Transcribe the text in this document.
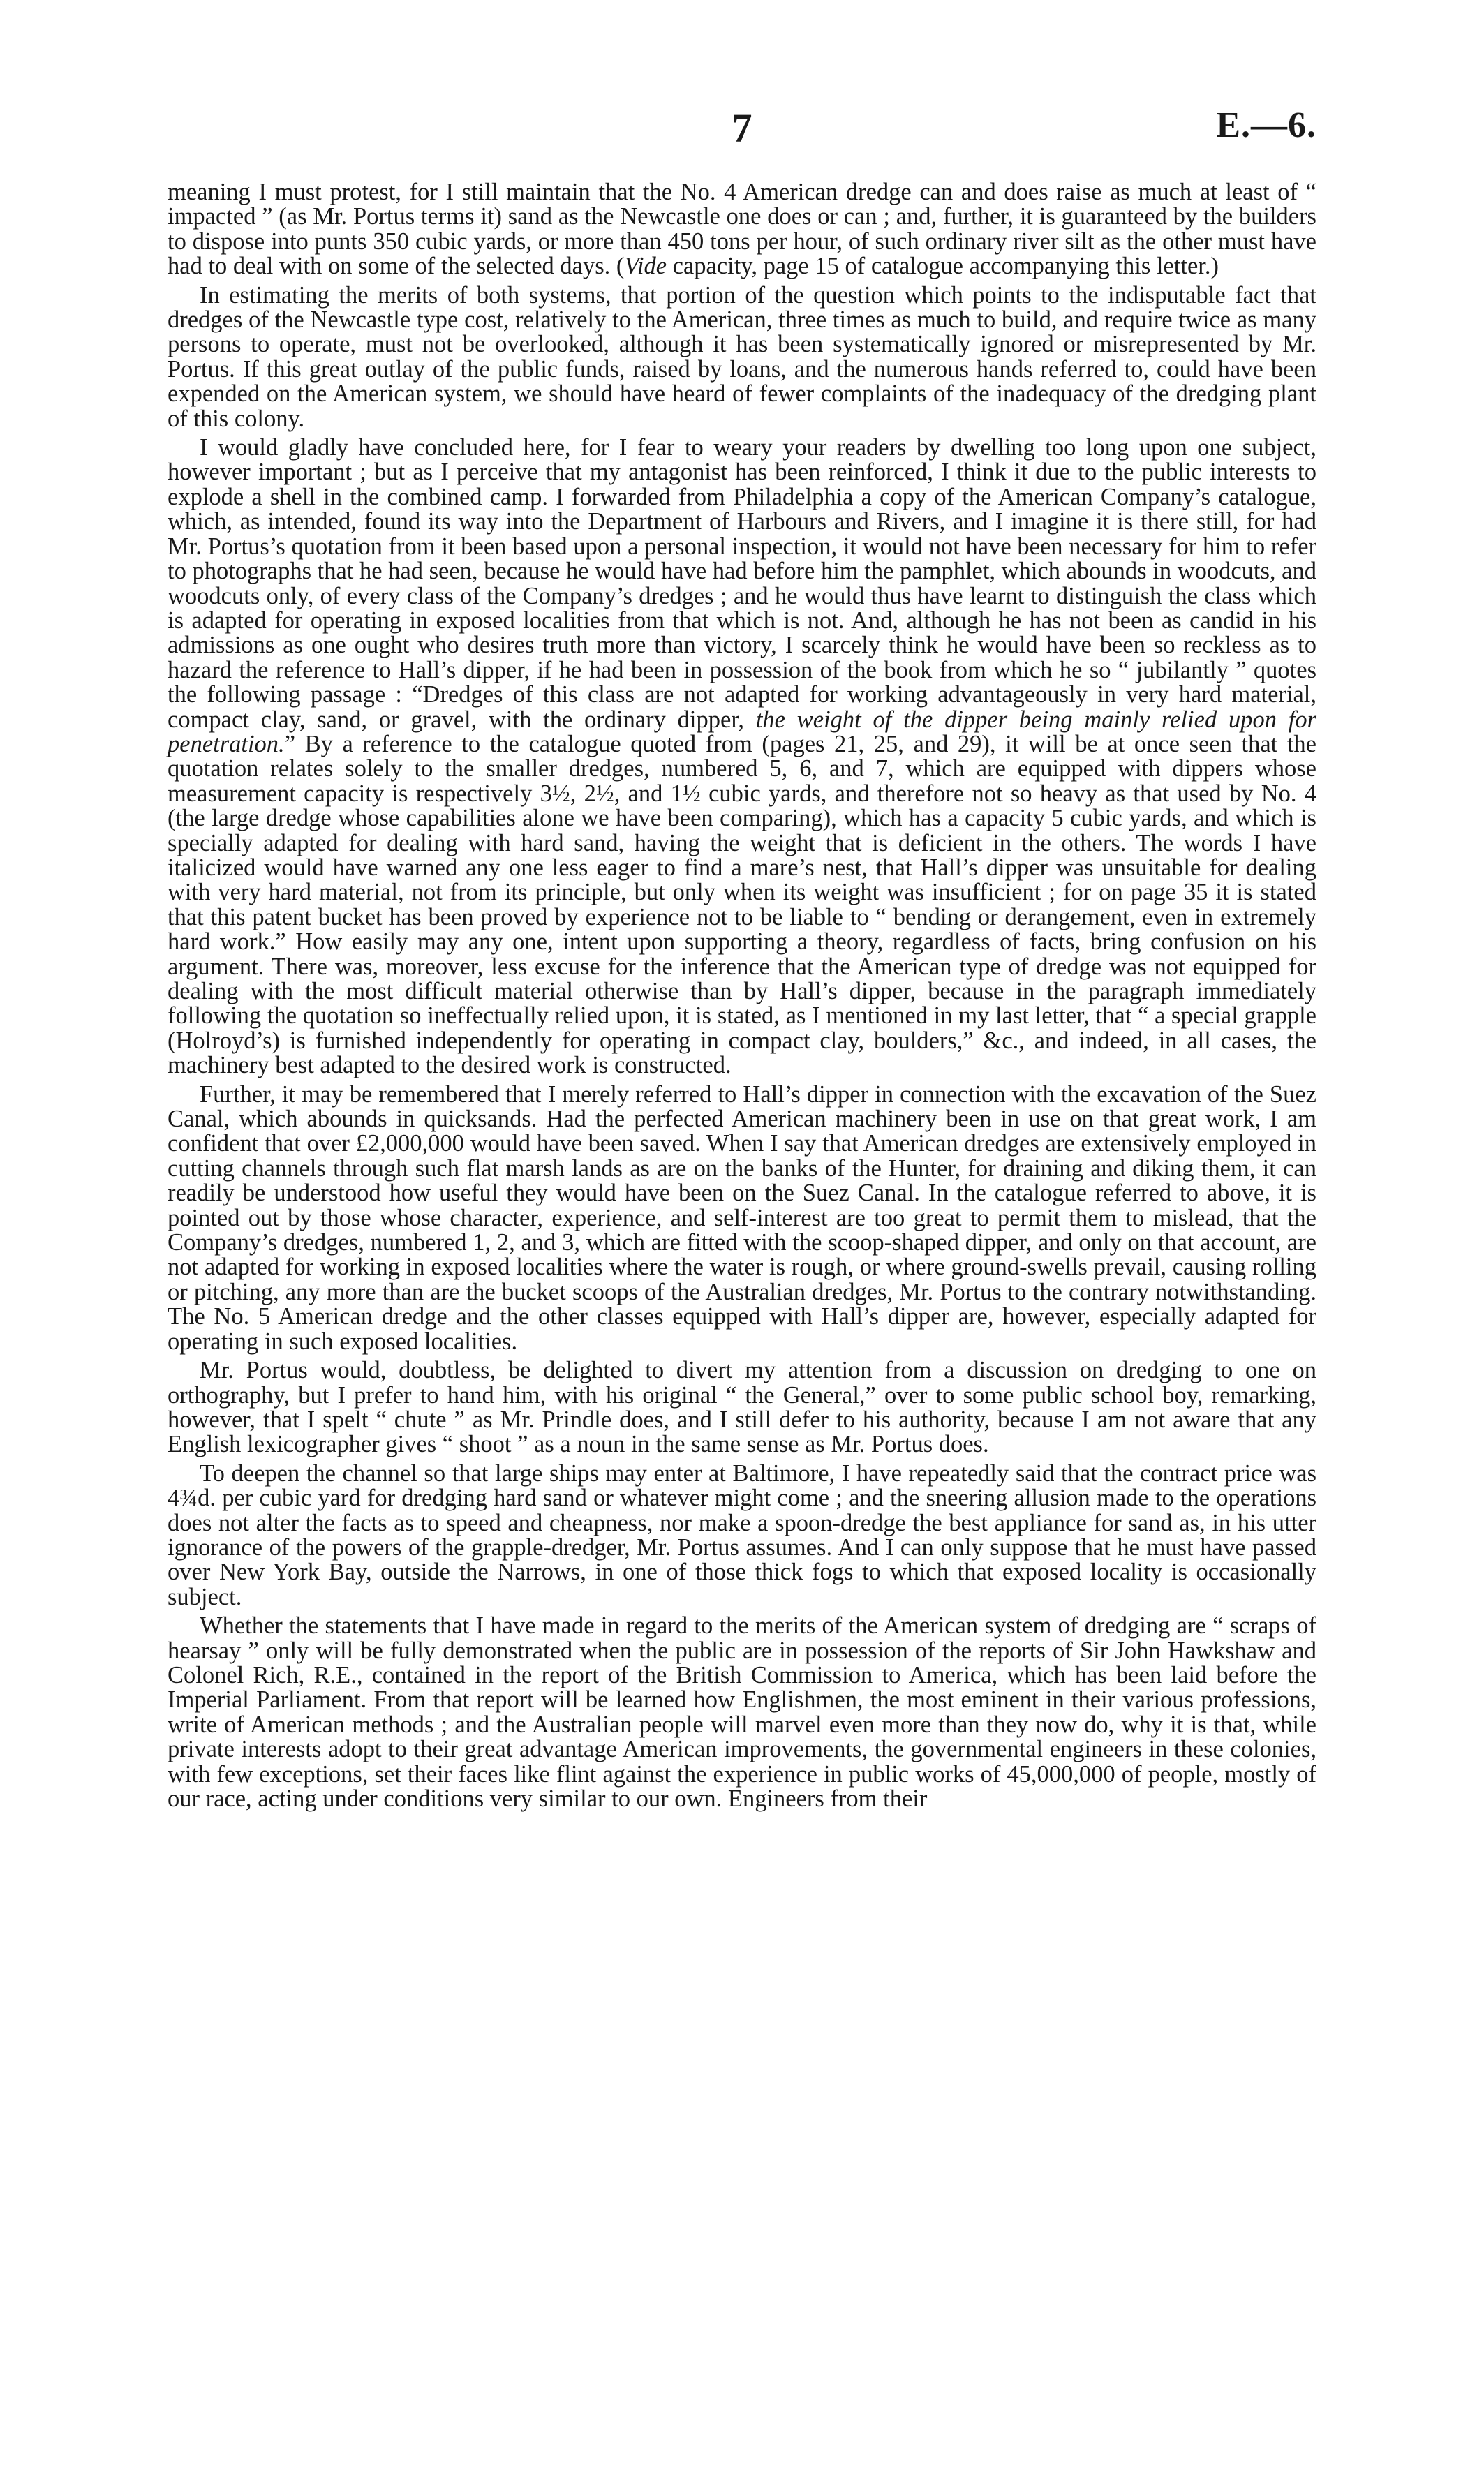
7	E.—6.

meaning I must protest, for I still maintain that the No. 4 American dredge can and does raise as much at least of “ impacted ” (as Mr. Portus terms it) sand as the Newcastle one does or can ; and, further, it is guaranteed by the builders to dispose into punts 350 cubic yards, or more than 450 tons per hour, of such ordinary river silt as the other must have had to deal with on some of the selected days. (Vide capacity, page 15 of catalogue accompanying this letter.)

In estimating the merits of both systems, that portion of the question which points to the indisputable fact that dredges of the Newcastle type cost, relatively to the American, three times as much to build, and require twice as many persons to operate, must not be overlooked, although it has been systematically ignored or misrepresented by Mr. Portus. If this great outlay of the public funds, raised by loans, and the numerous hands referred to, could have been expended on the American system, we should have heard of fewer complaints of the inadequacy of the dredging plant of this colony.

I would gladly have concluded here, for I fear to weary your readers by dwelling too long upon one subject, however important ; but as I perceive that my antagonist has been reinforced, I think it due to the public interests to explode a shell in the combined camp. I forwarded from Philadelphia a copy of the American Company’s catalogue, which, as intended, found its way into the Department of Harbours and Rivers, and I imagine it is there still, for had Mr. Portus’s quotation from it been based upon a personal inspection, it would not have been necessary for him to refer to photographs that he had seen, because he would have had before him the pamphlet, which abounds in woodcuts, and woodcuts only, of every class of the Company’s dredges ; and he would thus have learnt to distinguish the class which is adapted for operating in exposed localities from that which is not. And, although he has not been as candid in his admissions as one ought who desires truth more than victory, I scarcely think he would have been so reckless as to hazard the reference to Hall’s dipper, if he had been in possession of the book from which he so “ jubilantly ” quotes the following passage : “Dredges of this class are not adapted for working advantageously in very hard material, compact clay, sand, or gravel, with the ordinary dipper, the weight of the dipper being mainly relied upon for penetration.” By a reference to the catalogue quoted from (pages 21, 25, and 29), it will be at once seen that the quotation relates solely to the smaller dredges, numbered 5, 6, and 7, which are equipped with dippers whose measurement capacity is respectively 3½, 2½, and 1½ cubic yards, and therefore not so heavy as that used by No. 4 (the large dredge whose capabilities alone we have been comparing), which has a capacity 5 cubic yards, and which is specially adapted for dealing with hard sand, having the weight that is deficient in the others. The words I have italicized would have warned any one less eager to find a mare’s nest, that Hall’s dipper was unsuitable for dealing with very hard material, not from its principle, but only when its weight was insufficient ; for on page 35 it is stated that this patent bucket has been proved by experience not to be liable to “ bending or derangement, even in extremely hard work.” How easily may any one, intent upon supporting a theory, regardless of facts, bring confusion on his argument. There was, moreover, less excuse for the inference that the American type of dredge was not equipped for dealing with the most difficult material otherwise than by Hall’s dipper, because in the paragraph immediately following the quotation so ineffectually relied upon, it is stated, as I mentioned in my last letter, that “ a special grapple (Holroyd’s) is furnished independently for operating in compact clay, boulders,” &c., and indeed, in all cases, the machinery best adapted to the desired work is constructed.

Further, it may be remembered that I merely referred to Hall’s dipper in connection with the excavation of the Suez Canal, which abounds in quicksands. Had the perfected American machinery been in use on that great work, I am confident that over £2,000,000 would have been saved. When I say that American dredges are extensively employed in cutting channels through such flat marsh lands as are on the banks of the Hunter, for draining and diking them, it can readily be understood how useful they would have been on the Suez Canal. In the catalogue referred to above, it is pointed out by those whose character, experience, and self-interest are too great to permit them to mislead, that the Company’s dredges, numbered 1, 2, and 3, which are fitted with the scoop-shaped dipper, and only on that account, are not adapted for working in exposed localities where the water is rough, or where ground-swells prevail, causing rolling or pitching, any more than are the bucket scoops of the Australian dredges, Mr. Portus to the contrary notwithstanding. The No. 5 American dredge and the other classes equipped with Hall’s dipper are, however, especially adapted for operating in such exposed localities.

Mr. Portus would, doubtless, be delighted to divert my attention from a discussion on dredging to one on orthography, but I prefer to hand him, with his original “ the General,” over to some public school boy, remarking, however, that I spelt “ chute ” as Mr. Prindle does, and I still defer to his authority, because I am not aware that any English lexicographer gives “ shoot ” as a noun in the same sense as Mr. Portus does.

To deepen the channel so that large ships may enter at Baltimore, I have repeatedly said that the contract price was 4¾d. per cubic yard for dredging hard sand or whatever might come ; and the sneering allusion made to the operations does not alter the facts as to speed and cheapness, nor make a spoon-dredge the best appliance for sand as, in his utter ignorance of the powers of the grapple-dredger, Mr. Portus assumes. And I can only suppose that he must have passed over New York Bay, outside the Narrows, in one of those thick fogs to which that exposed locality is occasionally subject.

Whether the statements that I have made in regard to the merits of the American system of dredging are “ scraps of hearsay ” only will be fully demonstrated when the public are in possession of the reports of Sir John Hawkshaw and Colonel Rich, R.E., contained in the report of the British Commission to America, which has been laid before the Imperial Parliament. From that report will be learned how Englishmen, the most eminent in their various professions, write of American methods ; and the Australian people will marvel even more than they now do, why it is that, while private interests adopt to their great advantage American improvements, the governmental engineers in these colonies, with few exceptions, set their faces like flint against the experience in public works of 45,000,000 of people, mostly of our race, acting under conditions very similar to our own. Engineers from their
